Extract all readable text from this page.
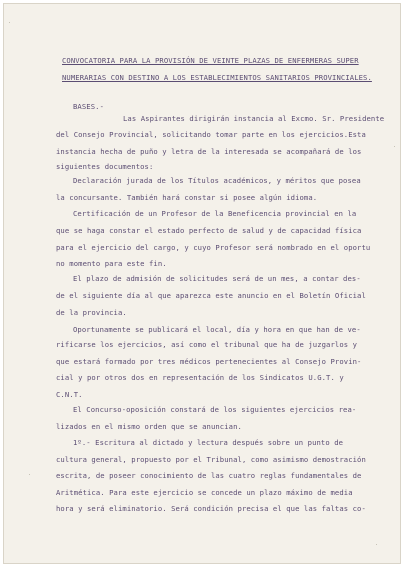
CONVOCATORIA PARA LA PROVISIÓN DE VEINTE PLAZAS DE ENFERMERAS SUPER
NUMERARIAS CON DESTINO A LOS ESTABLECIMIENTOS SANITARIOS PROVINCIALES.
BASES.-
Las Aspirantes dirigirán instancia al Excmo. Sr. Presidente
del Consejo Provincial, solicitando tomar parte en los ejercicios.Esta
instancia hecha de puño y letra de la interesada se acompañará de los
siguientes documentos:
Declaración jurada de los Títulos académicos, y méritos que posea
la concursante. También hará constar si posee algún idioma.
Certificación de un Profesor de la Beneficencia provincial en la
que se haga constar el estado perfecto de salud y de capacidad física
para el ejercicio del cargo, y cuyo Profesor será nombrado en el oportu
no momento para este fin.
El plazo de admisión de solicitudes será de un mes, a contar des-
de el siguiente día al que aparezca este anuncio en el Boletín Oficial
de la provincia.
Oportunamente se publicará el local, día y hora en que han de ve-
rificarse los ejercicios, así como el tribunal que ha de juzgarlos y
que estará formado por tres médicos pertenecientes al Consejo Provin-
cial y por otros dos en representación de los Sindicatos U.G.T. y
C.N.T.
El Concurso-oposición constará de los siguientes ejercicios rea-
lizados en el mismo orden que se anuncian.
1º.- Escritura al dictado y lectura después sobre un punto de
cultura general, propuesto por el Tribunal, como asimismo demostración
escrita, de poseer conocimiento de las cuatro reglas fundamentales de
Aritmética. Para este ejercicio se concede un plazo máximo de media
hora y será eliminatorio. Será condición precisa el que las faltas co-
